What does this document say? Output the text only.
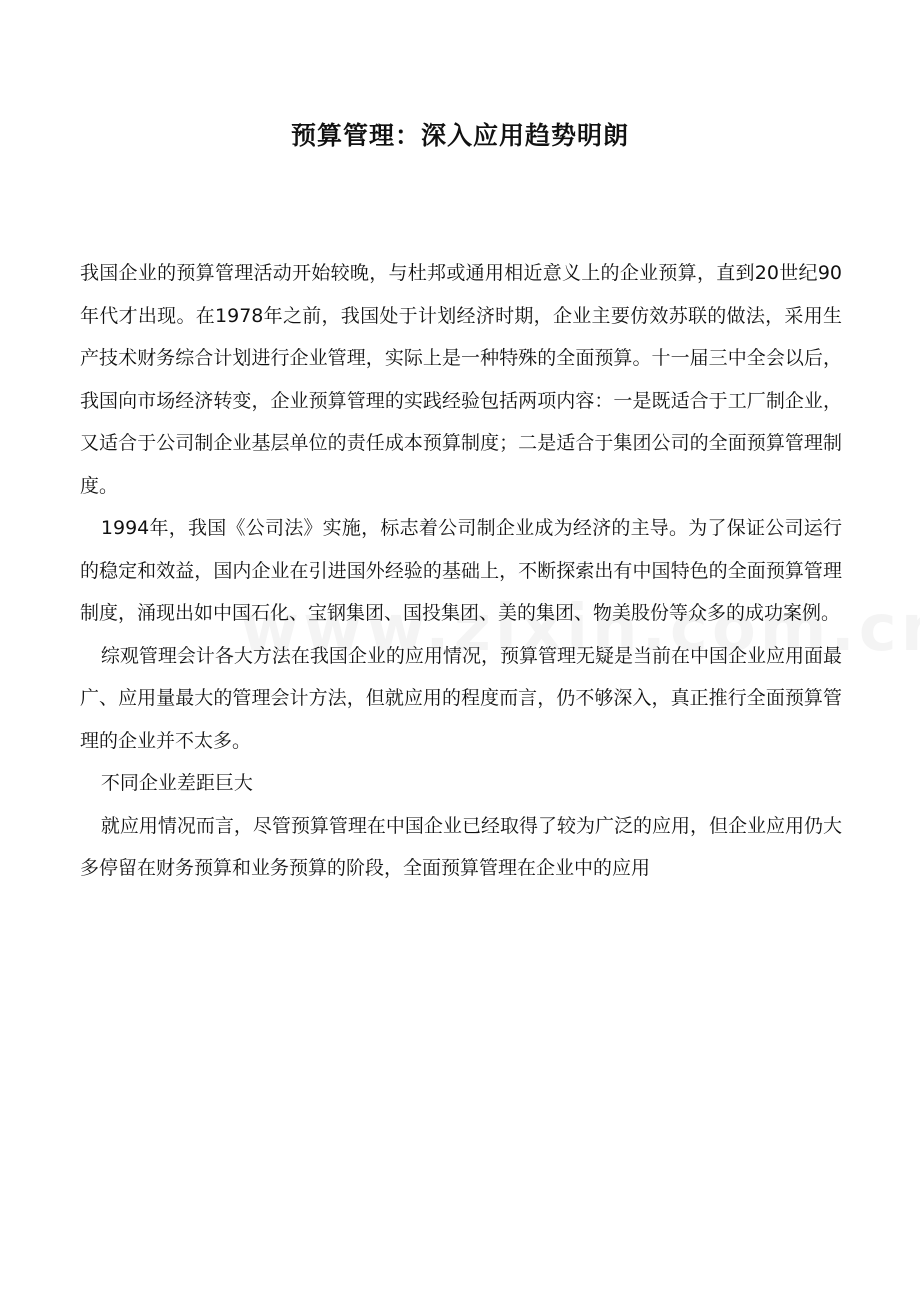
预算管理：深入应用趋势明朗

我国企业的预算管理活动开始较晚，与杜邦或通用相近意义上的企业预算，直到20世纪90年代才出现。在1978年之前，我国处于计划经济时期，企业主要仿效苏联的做法，采用生产技术财务综合计划进行企业管理，实际上是一种特殊的全面预算。十一届三中全会以后，我国向市场经济转变，企业预算管理的实践经验包括两项内容：一是既适合于工厂制企业，又适合于公司制企业基层单位的责任成本预算制度；二是适合于集团公司的全面预算管理制度。

1994年，我国《公司法》实施，标志着公司制企业成为经济的主导。为了保证公司运行的稳定和效益，国内企业在引进国外经验的基础上，不断探索出有中国特色的全面预算管理制度，涌现出如中国石化、宝钢集团、国投集团、美的集团、物美股份等众多的成功案例。

综观管理会计各大方法在我国企业的应用情况，预算管理无疑是当前在中国企业应用面最广、应用量最大的管理会计方法，但就应用的程度而言，仍不够深入，真正推行全面预算管理的企业并不太多。

不同企业差距巨大

就应用情况而言，尽管预算管理在中国企业已经取得了较为广泛的应用，但企业应用仍大多停留在财务预算和业务预算的阶段，全面预算管理在企业中的应用
